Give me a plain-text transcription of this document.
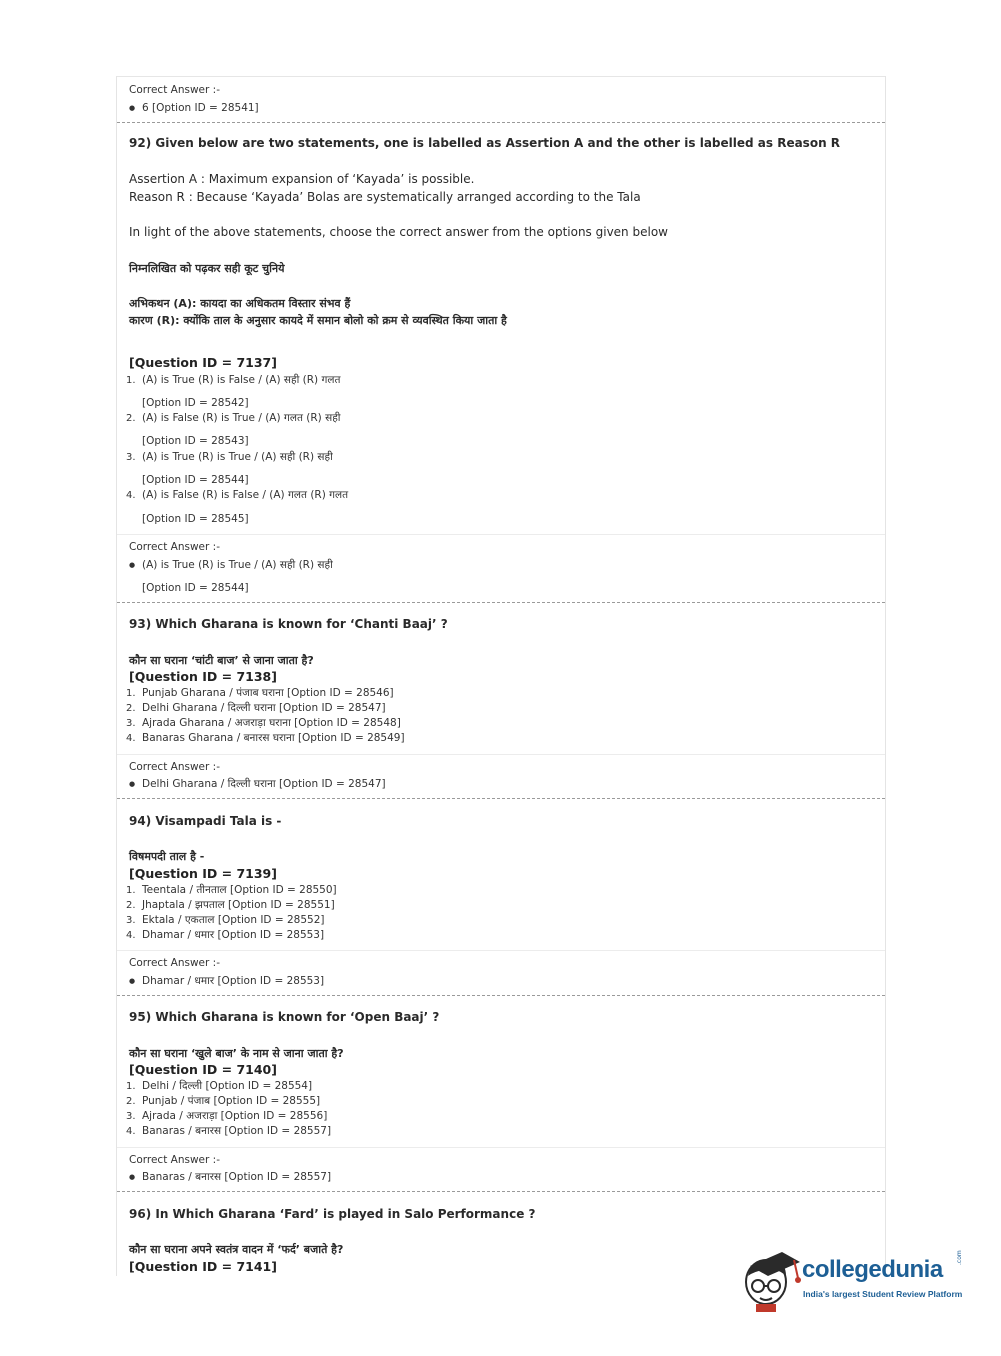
Correct Answer :-
● 6 [Option ID = 28541]
92) Given below are two statements, one is labelled as Assertion A and the other is labelled as Reason R
Assertion A : Maximum expansion of ‘Kayada’ is possible.
Reason R : Because ‘Kayada’ Bolas are systematically arranged according to the Tala
In light of the above statements, choose the correct answer from the options given below
निम्नलिखित को पढ़कर सही कूट चुनिये
अभिकथन (A): कायदा का अधिकतम विस्तार संभव हैं
कारण (R): क्योंकि ताल के अनुसार कायदे में समान बोलो को क्रम से व्यवस्थित किया जाता है
[Question ID = 7137]
1. (A) is True (R) is False / (A) सही (R) गलत
[Option ID = 28542]
2. (A) is False (R) is True / (A) गलत (R) सही
[Option ID = 28543]
3. (A) is True (R) is True / (A) सही (R) सही
[Option ID = 28544]
4. (A) is False (R) is False / (A) गलत (R) गलत
[Option ID = 28545]
Correct Answer :-
● (A) is True (R) is True / (A) सही (R) सही
[Option ID = 28544]
93) Which Gharana is known for ‘Chanti Baaj’ ?
कौन सा घराना ‘चांटी बाज’ से जाना जाता है?
[Question ID = 7138]
1. Punjab Gharana / पंजाब घराना [Option ID = 28546]
2. Delhi Gharana / दिल्ली घराना [Option ID = 28547]
3. Ajrada Gharana / अजराड़ा घराना [Option ID = 28548]
4. Banaras Gharana / बनारस घराना [Option ID = 28549]
Correct Answer :-
● Delhi Gharana / दिल्ली घराना [Option ID = 28547]
94) Visampadi Tala is -
विषमपदी ताल है -
[Question ID = 7139]
1. Teentala / तीनताल [Option ID = 28550]
2. Jhaptala / झपताल [Option ID = 28551]
3. Ektala / एकताल [Option ID = 28552]
4. Dhamar / धमार [Option ID = 28553]
Correct Answer :-
● Dhamar / धमार [Option ID = 28553]
95) Which Gharana is known for ‘Open Baaj’ ?
कौन सा घराना ‘खुले बाज’ के नाम से जाना जाता है?
[Question ID = 7140]
1. Delhi / दिल्ली [Option ID = 28554]
2. Punjab / पंजाब [Option ID = 28555]
3. Ajrada / अजराड़ा [Option ID = 28556]
4. Banaras / बनारस [Option ID = 28557]
Correct Answer :-
● Banaras / बनारस [Option ID = 28557]
96) In Which Gharana ‘Fard’ is played in Salo Performance ?
कौन सा घराना अपने स्वतंत्र वादन में ‘फर्द’ बजाते है?
[Question ID = 7141]	collegedunia .com
India's largest Student Review Platform
